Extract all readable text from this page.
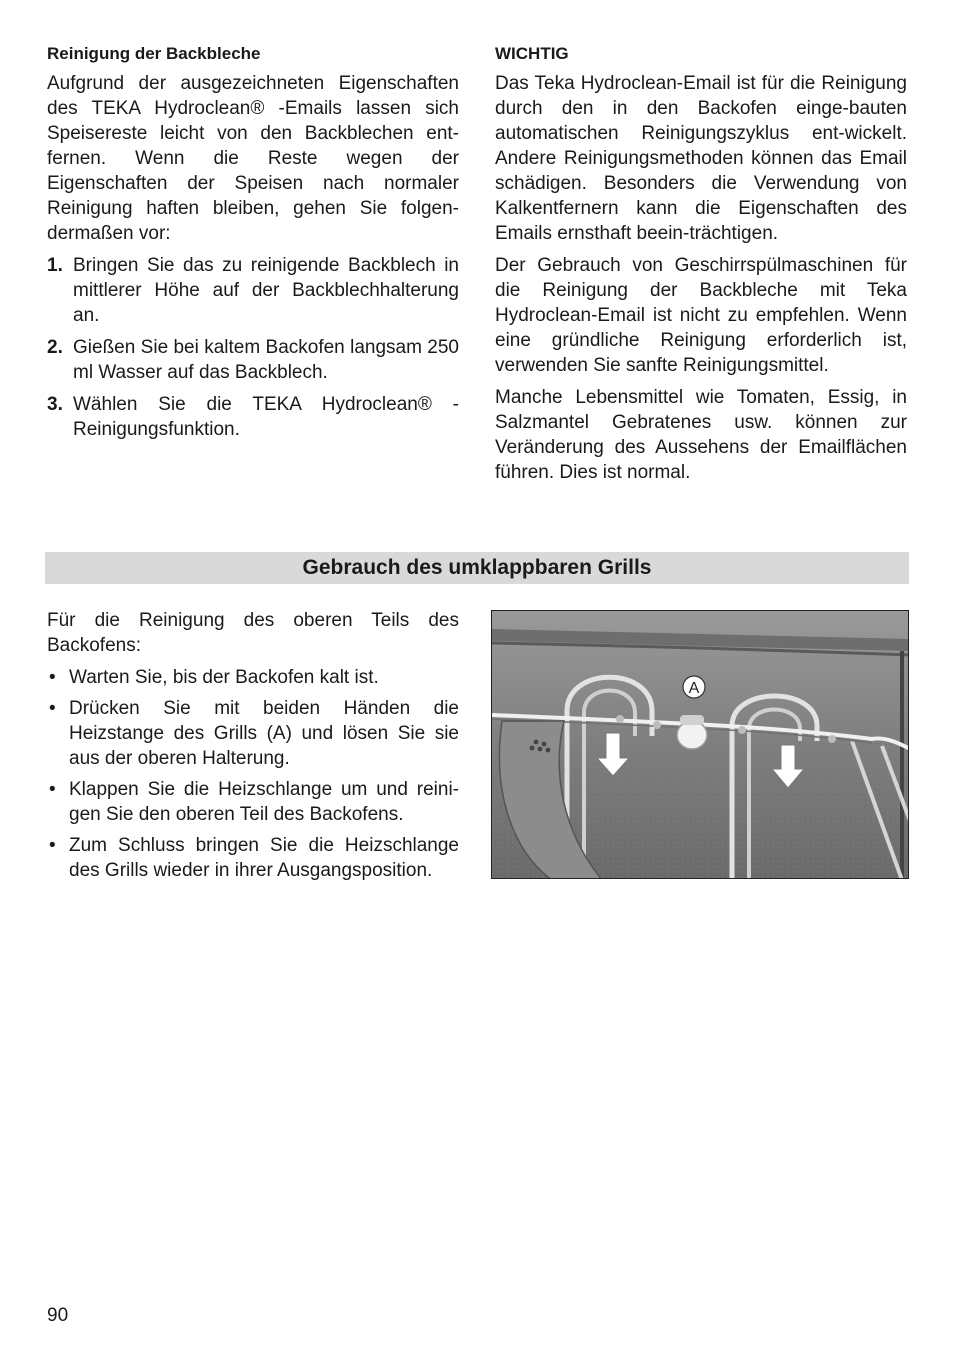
Reinigung der Backbleche

Aufgrund der ausgezeichneten Eigenschaften des TEKA Hydroclean® -Emails lassen sich Speisereste leicht von den Backblechen ent-fernen. Wenn die Reste wegen der Eigenschaften der Speisen nach normaler Reinigung haften bleiben, gehen Sie folgen-dermaßen vor:

1. Bringen Sie das zu reinigende Backblech in mittlerer Höhe auf der Backblechhalterung an.
2. Gießen Sie bei kaltem Backofen langsam 250 ml Wasser auf das Backblech.
3. Wählen Sie die TEKA Hydroclean® - Reinigungsfunktion.
WICHTIG

Das Teka Hydroclean-Email ist für die Reinigung durch den in den Backofen einge-bauten automatischen Reinigungszyklus ent-wickelt. Andere Reinigungsmethoden können das Email schädigen. Besonders die Verwendung von Kalkentfernern kann die Eigenschaften des Emails ernsthaft beein-trächtigen.

Der Gebrauch von Geschirrspülmaschinen für die Reinigung der Backbleche mit Teka Hydroclean-Email ist nicht zu empfehlen. Wenn eine gründliche Reinigung erforderlich ist, verwenden Sie sanfte Reinigungsmittel.

Manche Lebensmittel wie Tomaten, Essig, in Salzmantel Gebratenes usw. können zur Veränderung des Aussehens der Emailflächen führen. Dies ist normal.

Gebrauch des umklappbaren Grills

Für die Reinigung des oberen Teils des Backofens:

• Warten Sie, bis der Backofen kalt ist.
• Drücken Sie mit beiden Händen die Heizstange des Grills (A) und lösen Sie sie aus der oberen Halterung.
• Klappen Sie die Heizschlange um und reini-gen Sie den oberen Teil des Backofens.
• Zum Schluss bringen Sie die Heizschlange des Grills wieder in ihrer Ausgangsposition.
A
90
